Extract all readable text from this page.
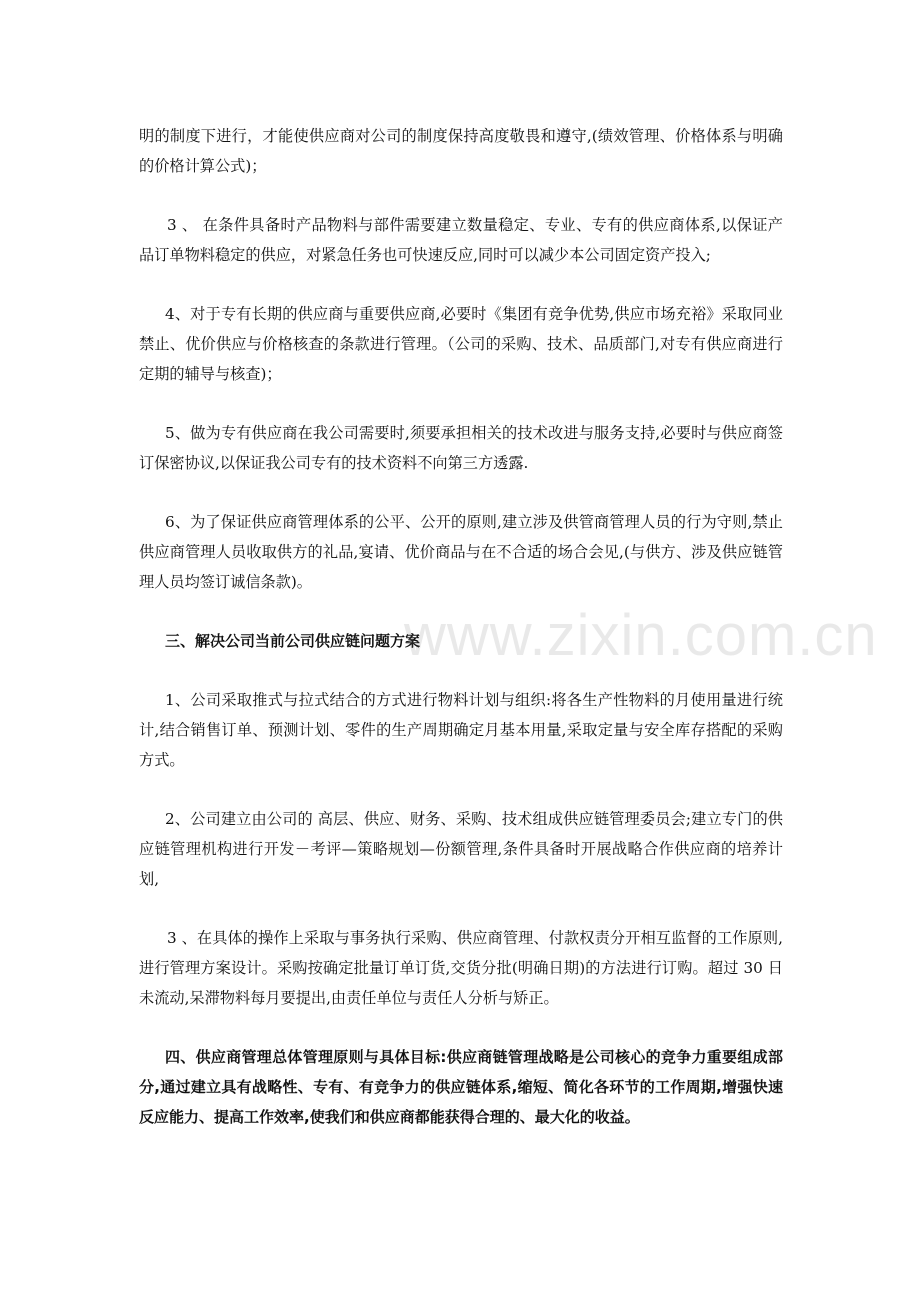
明的制度下进行，才能使供应商对公司的制度保持高度敬畏和遵守,(绩效管理、价格体系与明确的价格计算公式)；

3 、 在条件具备时产品物料与部件需要建立数量稳定、专业、专有的供应商体系,以保证产品订单物料稳定的供应，对紧急任务也可快速反应,同时可以减少本公司固定资产投入;

4、对于专有长期的供应商与重要供应商,必要时《集团有竞争优势,供应市场充裕》采取同业禁止、优价供应与价格核查的条款进行管理。（公司的采购、技术、品质部门,对专有供应商进行定期的辅导与核查)；

5、做为专有供应商在我公司需要时,须要承担相关的技术改进与服务支持,必要时与供应商签订保密协议,以保证我公司专有的技术资料不向第三方透露.

6、为了保证供应商管理体系的公平、公开的原则,建立涉及供管商管理人员的行为守则,禁止供应商管理人员收取供方的礼品,宴请、优价商品与在不合适的场合会见,(与供方、涉及供应链管理人员均签订诚信条款)。

三、解决公司当前公司供应链问题方案

1、公司采取推式与拉式结合的方式进行物料计划与组织:将各生产性物料的月使用量进行统计,结合销售订单、预测计划、零件的生产周期确定月基本用量,采取定量与安全库存搭配的采购方式。

2、公司建立由公司的 高层、供应、财务、采购、技术组成供应链管理委员会;建立专门的供应链管理机构进行开发－考评—策略规划—份额管理,条件具备时开展战略合作供应商的培养计划,

3 、在具体的操作上采取与事务执行采购、供应商管理、付款权责分开相互监督的工作原则,进行管理方案设计。采购按确定批量订单订货,交货分批(明确日期)的方法进行订购。超过 30 日未流动,呆滞物料每月要提出,由责任单位与责任人分析与矫正。

四、供应商管理总体管理原则与具体目标:供应商链管理战略是公司核心的竞争力重要组成部分,通过建立具有战略性、专有、有竞争力的供应链体系,缩短、简化各环节的工作周期,增强快速反应能力、提高工作效率,使我们和供应商都能获得合理的、最大化的收益。

www.zixin.com.cn
